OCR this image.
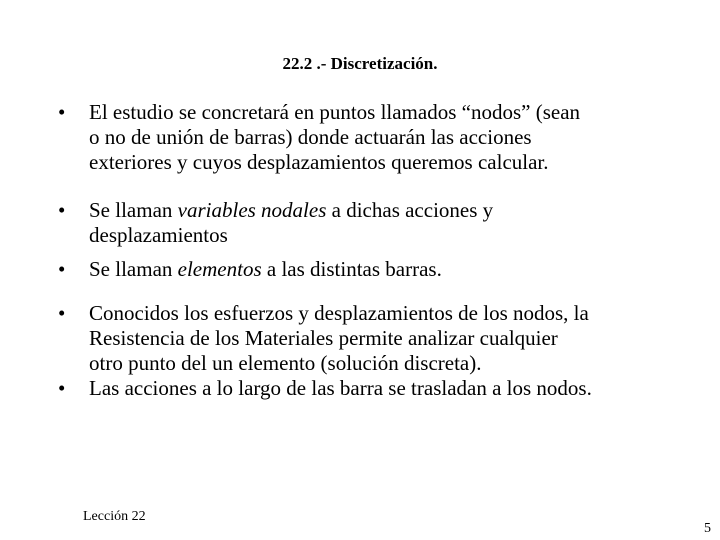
22.2 .- Discretización.
• El estudio se concretará en puntos llamados “nodos” (sean
o no de unión de barras) donde actuarán las acciones
exteriores y cuyos desplazamientos queremos calcular.
• Se llaman variables nodales a dichas acciones y
desplazamientos
• Se llaman elementos a las distintas barras.
• Conocidos los esfuerzos y desplazamientos de los nodos, la
Resistencia de los Materiales permite analizar cualquier
otro punto del un elemento (solución discreta).
• Las acciones a lo largo de las barra se trasladan a los nodos.
Lección 22
5
